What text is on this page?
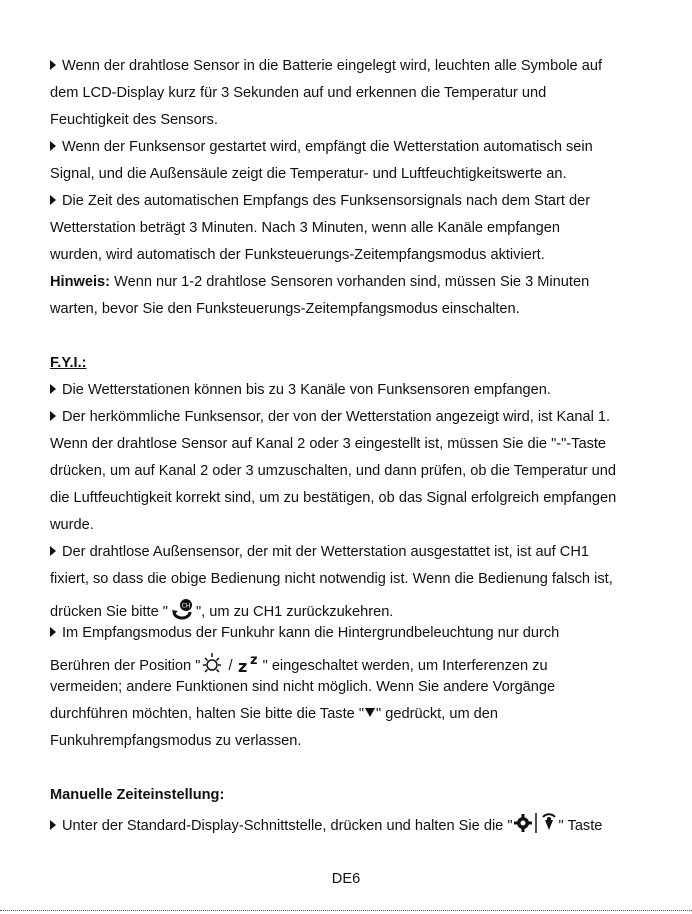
Wenn der drahtlose Sensor in die Batterie eingelegt wird, leuchten alle Symbole auf
dem LCD-Display kurz für 3 Sekunden auf und erkennen die Temperatur und
Feuchtigkeit des Sensors.
Wenn der Funksensor gestartet wird, empfängt die Wetterstation automatisch sein
Signal, und die Außensäule zeigt die Temperatur- und Luftfeuchtigkeitswerte an.
Die Zeit des automatischen Empfangs des Funksensorsignals nach dem Start der
Wetterstation beträgt 3 Minuten. Nach 3 Minuten, wenn alle Kanäle empfangen
wurden, wird automatisch der Funksteuerungs-Zeitempfangsmodus aktiviert.
Hinweis: Wenn nur 1-2 drahtlose Sensoren vorhanden sind, müssen Sie 3 Minuten
warten, bevor Sie den Funksteuerungs-Zeitempfangsmodus einschalten.
F.Y.I.:
Die Wetterstationen können bis zu 3 Kanäle von Funksensoren empfangen.
Der herkömmliche Funksensor, der von der Wetterstation angezeigt wird, ist Kanal 1.
Wenn der drahtlose Sensor auf Kanal 2 oder 3 eingestellt ist, müssen Sie die "-"-Taste
drücken, um auf Kanal 2 oder 3 umzuschalten, und dann prüfen, ob die Temperatur und
die Luftfeuchtigkeit korrekt sind, um zu bestätigen, ob das Signal erfolgreich empfangen
wurde.
Der drahtlose Außensensor, der mit der Wetterstation ausgestattet ist, ist auf CH1
fixiert, so dass die obige Bedienung nicht notwendig ist. Wenn die Bedienung falsch ist,
drücken Sie bitte " CH ", um zu CH1 zurückzukehren.
Im Empfangsmodus der Funkuhr kann die Hintergrundbeleuchtung nur durch
Berühren der Position " / z z " eingeschaltet werden, um Interferenzen zu
vermeiden; andere Funktionen sind nicht möglich. Wenn Sie andere Vorgänge
durchführen möchten, halten Sie bitte die Taste " " gedrückt, um den
Funkuhrempfangsmodus zu verlassen.
Manuelle Zeiteinstellung:
Unter der Standard-Display-Schnittstelle, drücken und halten Sie die "	" Taste
DE6
